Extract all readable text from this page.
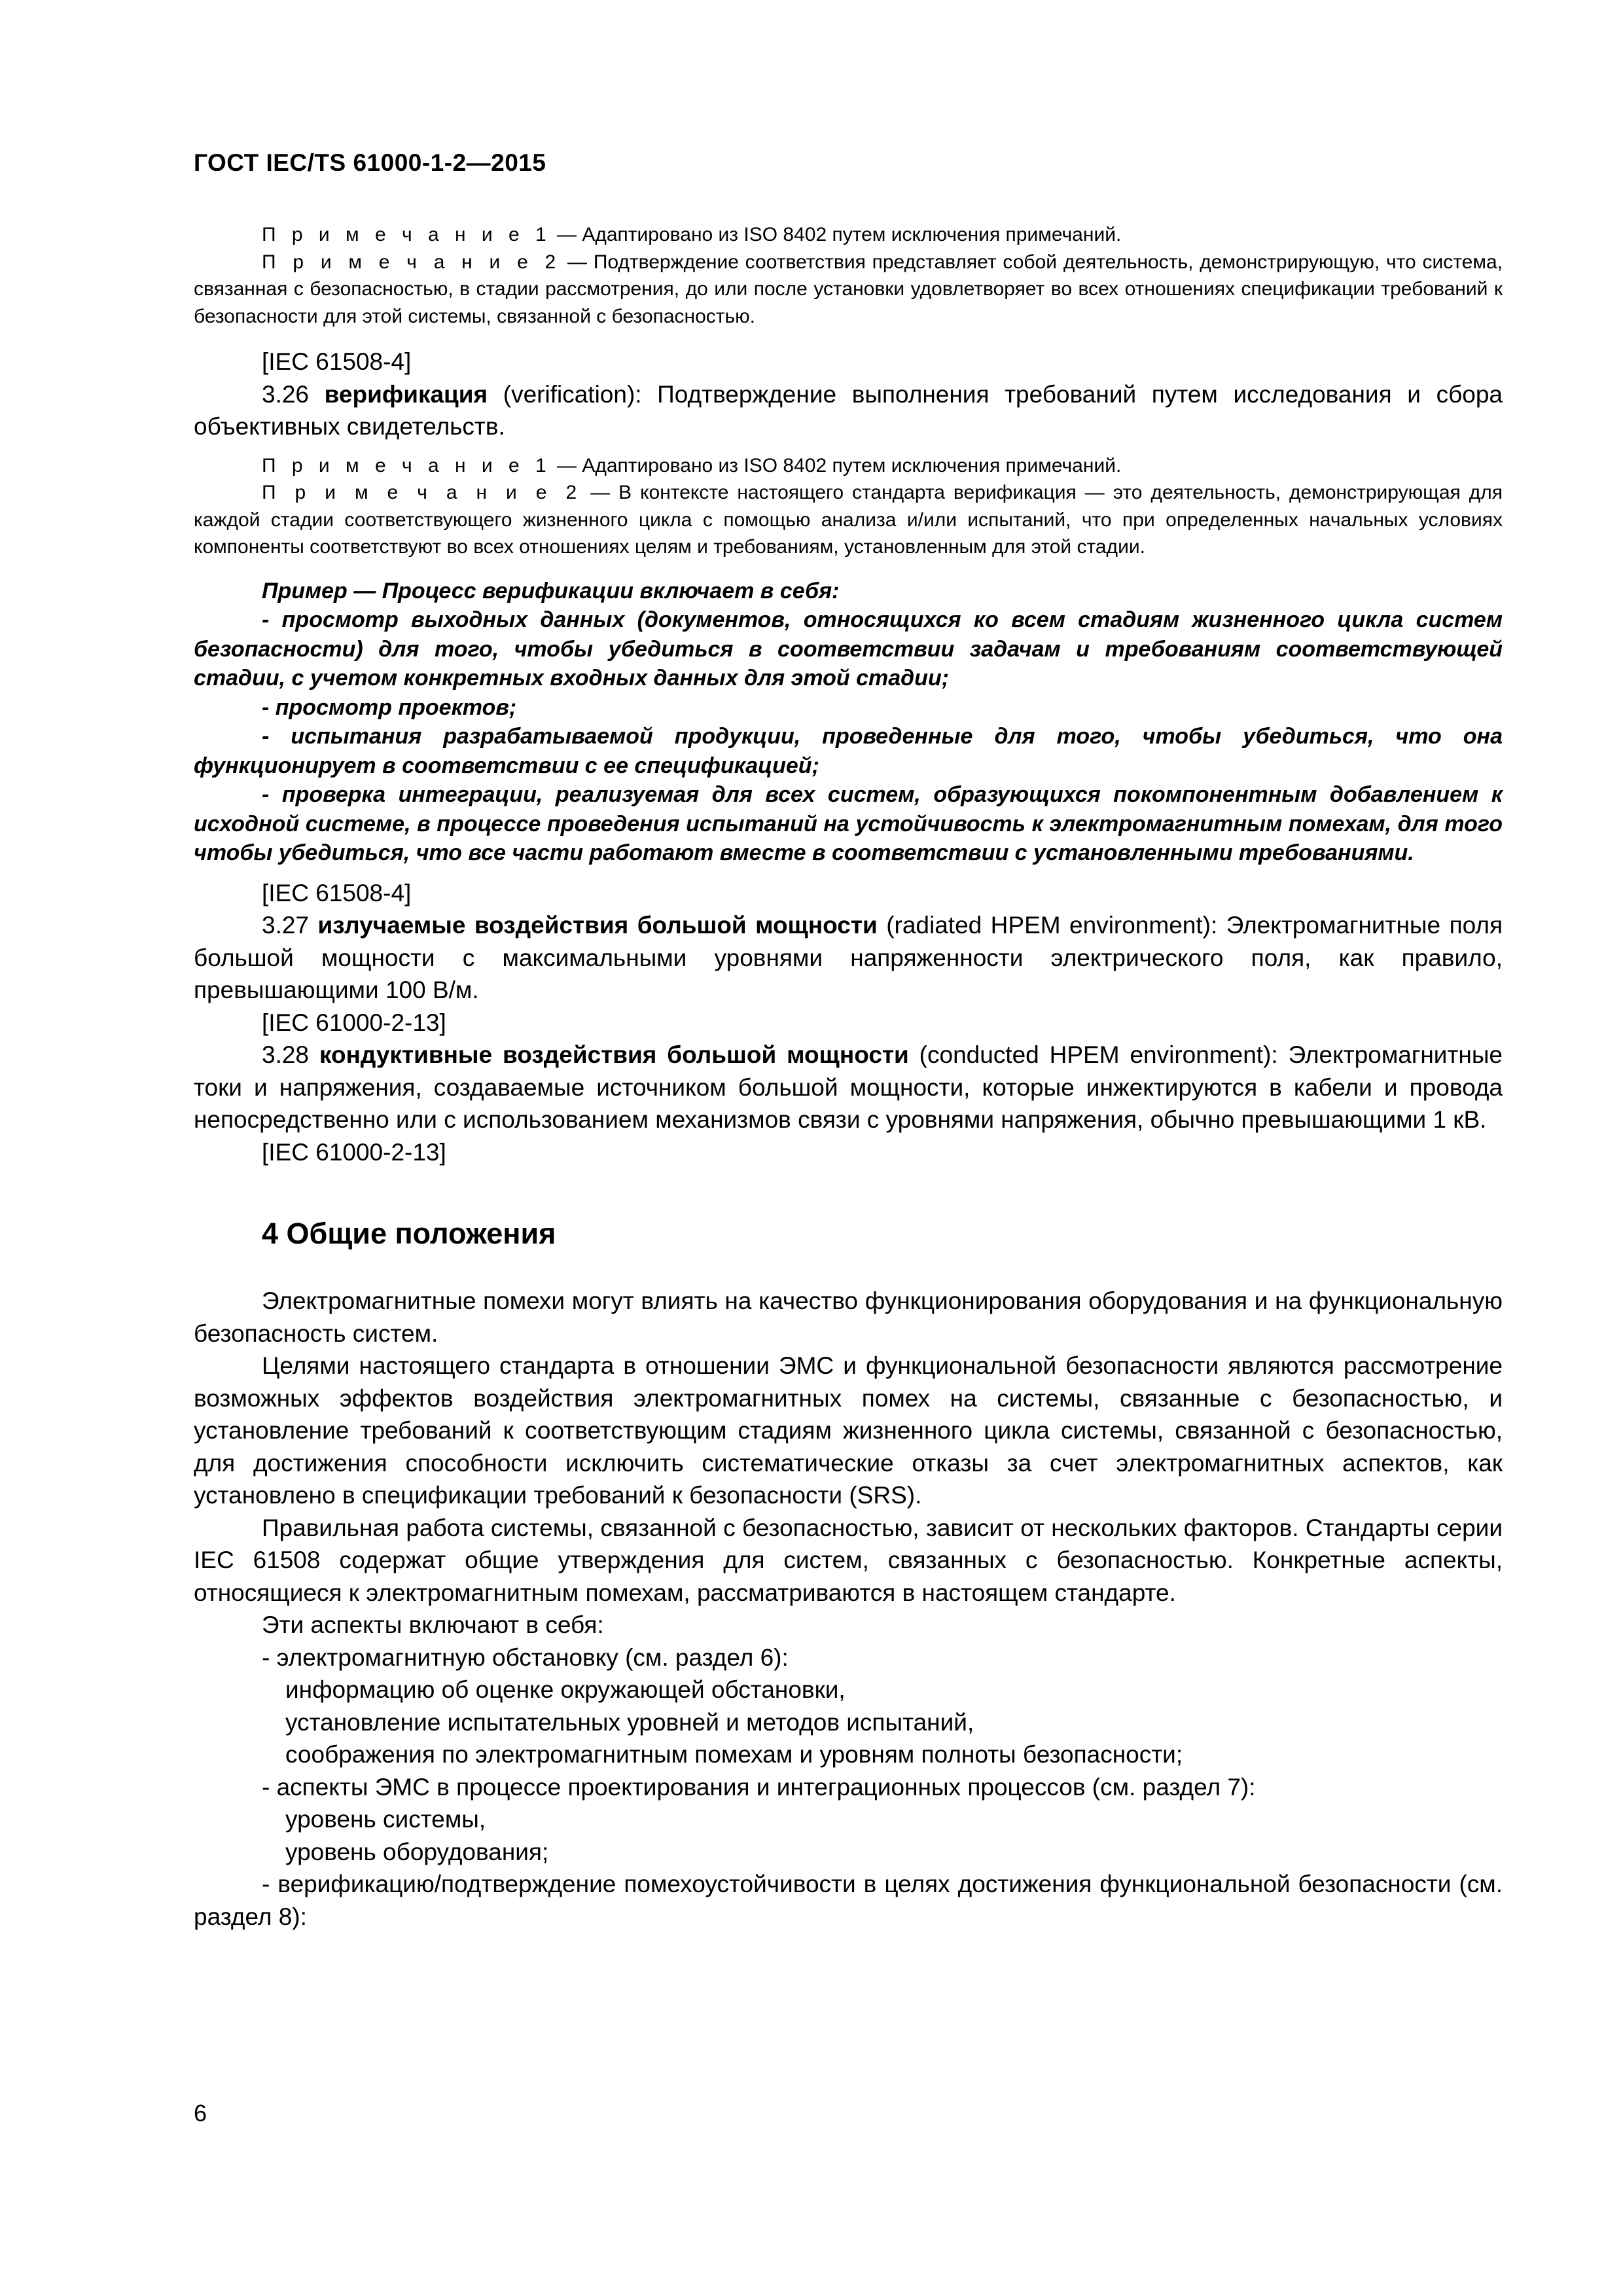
ГОСТ IEC/TS 61000-1-2—2015

П р и м е ч а н и е 1 — Адаптировано из ISO 8402 путем исключения примечаний.

П р и м е ч а н и е 2 — Подтверждение соответствия представляет собой деятельность, демонстрирующую, что система, связанная с безопасностью, в стадии рассмотрения, до или после установки удовлетворяет во всех отношениях спецификации требований к безопасности для этой системы, связанной с безопасностью.

[IEC 61508-4]

3.26 верификация (verification): Подтверждение выполнения требований путем исследования и сбора объективных свидетельств.

П р и м е ч а н и е 1 — Адаптировано из ISO 8402 путем исключения примечаний.

П р и м е ч а н и е 2 — В контексте настоящего стандарта верификация — это деятельность, демонстрирующая для каждой стадии соответствующего жизненного цикла с помощью анализа и/или испытаний, что при определенных начальных условиях компоненты соответствуют во всех отношениях целям и требованиям, установленным для этой стадии.

Пример — Процесс верификации включает в себя:

- просмотр выходных данных (документов, относящихся ко всем стадиям жизненного цикла систем безопасности) для того, чтобы убедиться в соответствии задачам и требованиям соответствующей стадии, с учетом конкретных входных данных для этой стадии;

- просмотр проектов;

- испытания разрабатываемой продукции, проведенные для того, чтобы убедиться, что она функционирует в соответствии с ее спецификацией;

- проверка интеграции, реализуемая для всех систем, образующихся покомпонентным добавлением к исходной системе, в процессе проведения испытаний на устойчивость к электромагнитным помехам, для того чтобы убедиться, что все части работают вместе в соответствии с установленными требованиями.

[IEC 61508-4]

3.27 излучаемые воздействия большой мощности (radiated HPEM environment): Электромагнитные поля большой мощности с максимальными уровнями напряженности электрического поля, как правило, превышающими 100 В/м.

[IEC 61000-2-13]

3.28 кондуктивные воздействия большой мощности (conducted HPEM environment): Электромагнитные токи и напряжения, создаваемые источником большой мощности, которые инжектируются в кабели и провода непосредственно или с использованием механизмов связи с уровнями напряжения, обычно превышающими 1 кВ.

[IEC 61000-2-13]

4 Общие положения

Электромагнитные помехи могут влиять на качество функционирования оборудования и на функциональную безопасность систем.

Целями настоящего стандарта в отношении ЭМС и функциональной безопасности являются рассмотрение возможных эффектов воздействия электромагнитных помех на системы, связанные с безопасностью, и установление требований к соответствующим стадиям жизненного цикла системы, связанной с безопасностью, для достижения способности исключить систематические отказы за счет электромагнитных аспектов, как установлено в спецификации требований к безопасности (SRS).

Правильная работа системы, связанной с безопасностью, зависит от нескольких факторов. Стандарты серии IEC 61508 содержат общие утверждения для систем, связанных с безопасностью. Конкретные аспекты, относящиеся к электромагнитным помехам, рассматриваются в настоящем стандарте.

Эти аспекты включают в себя:

- электромагнитную обстановку (см. раздел 6):

информацию об оценке окружающей обстановки,

установление испытательных уровней и методов испытаний,

соображения по электромагнитным помехам и уровням полноты безопасности;

- аспекты ЭМС в процессе проектирования и интеграционных процессов (см. раздел 7):

уровень системы,

уровень оборудования;

- верификацию/подтверждение помехоустойчивости в целях достижения функциональной безопасности (см. раздел 8):

6
